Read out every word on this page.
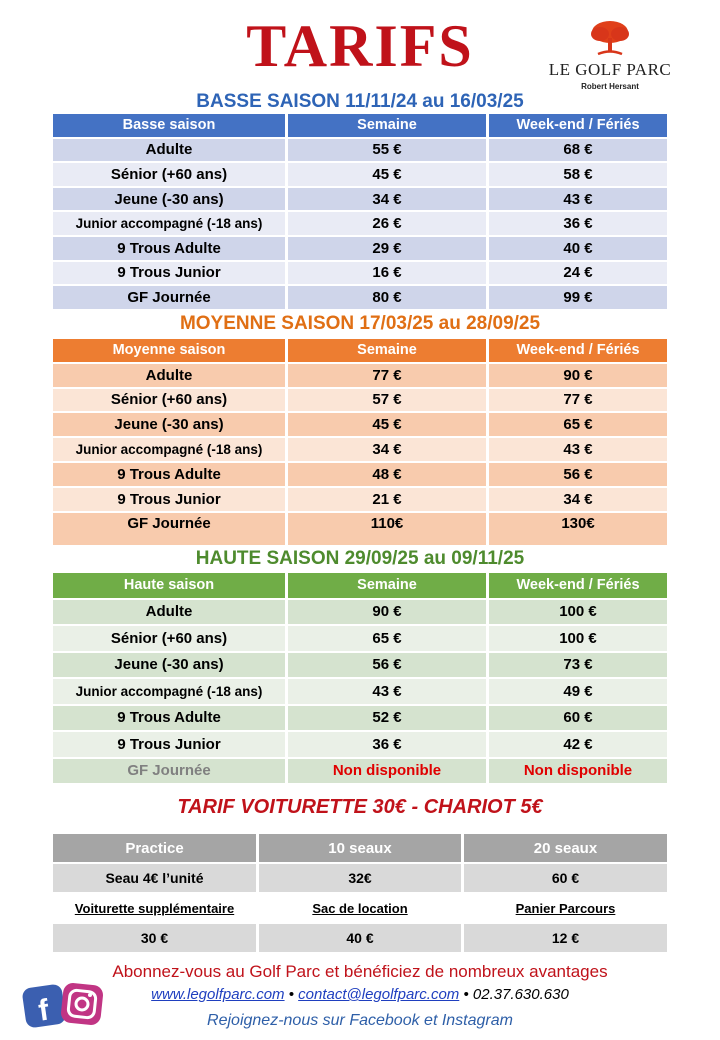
TARIFS	LE GOLF PARC
Robert Hersant
BASSE SAISON 11/11/24 au 16/03/25
Basse saison	Semaine	Week-end / Fériés
Adulte	55 €	68 €
Sénior (+60 ans)	45 €	58 €
Jeune (-30 ans)	34 €	43 €
Junior accompagné (-18 ans)	26 €	36 €
9 Trous Adulte	29 €	40 €
9 Trous Junior	16 €	24 €
GF Journée	80 €	99 €
MOYENNE SAISON 17/03/25 au 28/09/25
Moyenne saison	Semaine	Week-end / Fériés
Adulte	77 €	90 €
Sénior (+60 ans)	57 €	77 €
Jeune (-30 ans)	45 €	65 €
Junior accompagné (-18 ans)	34 €	43 €
9 Trous Adulte	48 €	56 €
9 Trous Junior	21 €	34 €
GF Journée	110€	130€
HAUTE SAISON 29/09/25 au 09/11/25
Haute saison	Semaine	Week-end / Fériés
Adulte	90 €	100 €
Sénior (+60 ans)	65 €	100 €
Jeune (-30 ans)	56 €	73 €
Junior accompagné (-18 ans)	43 €	49 €
9 Trous Adulte	52 €	60 €
9 Trous Junior	36 €	42 €
GF Journée	Non disponible	Non disponible
TARIF VOITURETTE 30€ - CHARIOT 5€
Practice	10 seaux	20 seaux
Seau 4€ l’unité	32€	60 €
Voiturette supplémentaire	Sac de location	Panier Parcours
30 €	40 €	12 €
f
Abonnez-vous au Golf Parc et bénéficiez de nombreux avantages
www.legolfparc.com • contact@legolfparc.com • 02.37.630.630
Rejoignez-nous sur Facebook et Instagram
